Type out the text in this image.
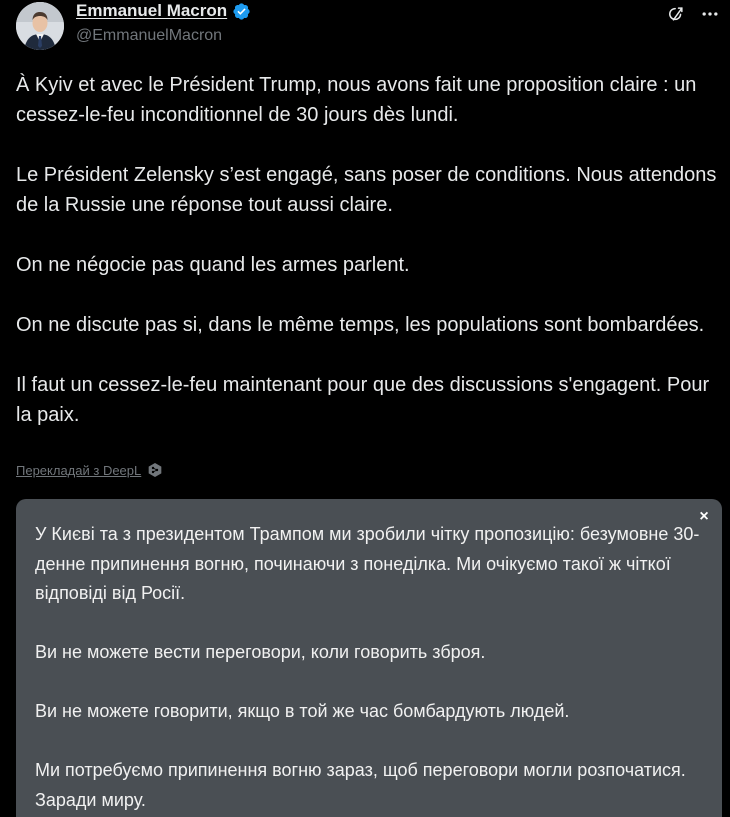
Emmanuel Macron
@EmmanuelMacron
À Kyiv et avec le Président Trump, nous avons fait une proposition claire : un cessez-le-feu inconditionnel de 30 jours dès lundi.

Le Président Zelensky s’est engagé, sans poser de conditions. Nous attendons de la Russie une réponse tout aussi claire.

On ne négocie pas quand les armes parlent.

On ne discute pas si, dans le même temps, les populations sont bombardées.

Il faut un cessez-le-feu maintenant pour que des discussions s'engagent. Pour la paix.
Перекладай з DeepL
×
У Києві та з президентом Трампом ми зробили чітку пропозицію: безумовне 30-денне припинення вогню, починаючи з понеділка. Ми очікуємо такої ж чіткої відповіді від Росії.

Ви не можете вести переговори, коли говорить зброя.

Ви не можете говорити, якщо в той же час бомбардують людей.

Ми потребуємо припинення вогню зараз, щоб переговори могли розпочатися. Заради миру.
